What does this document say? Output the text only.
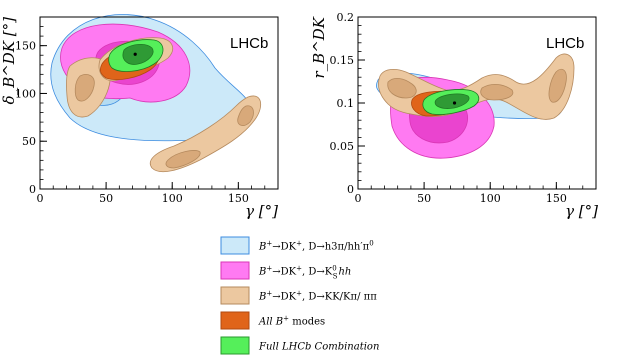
0	50	100	150
0
50
100
150	LHCb
γ [°]
δ_B^DK [°]
0	50	100	150
0
0.05
0.1
0.15
0.2
LHCb
γ [°]
r_B^DK
B+→DK+, $D\to h3\pi/hh'\pi^0$
B+→DK+, $D\to K^0$ $_S$hh
B+→DK+, D→KK/Kπ/ ππ
All B+ modes
Full LHCb Combination
